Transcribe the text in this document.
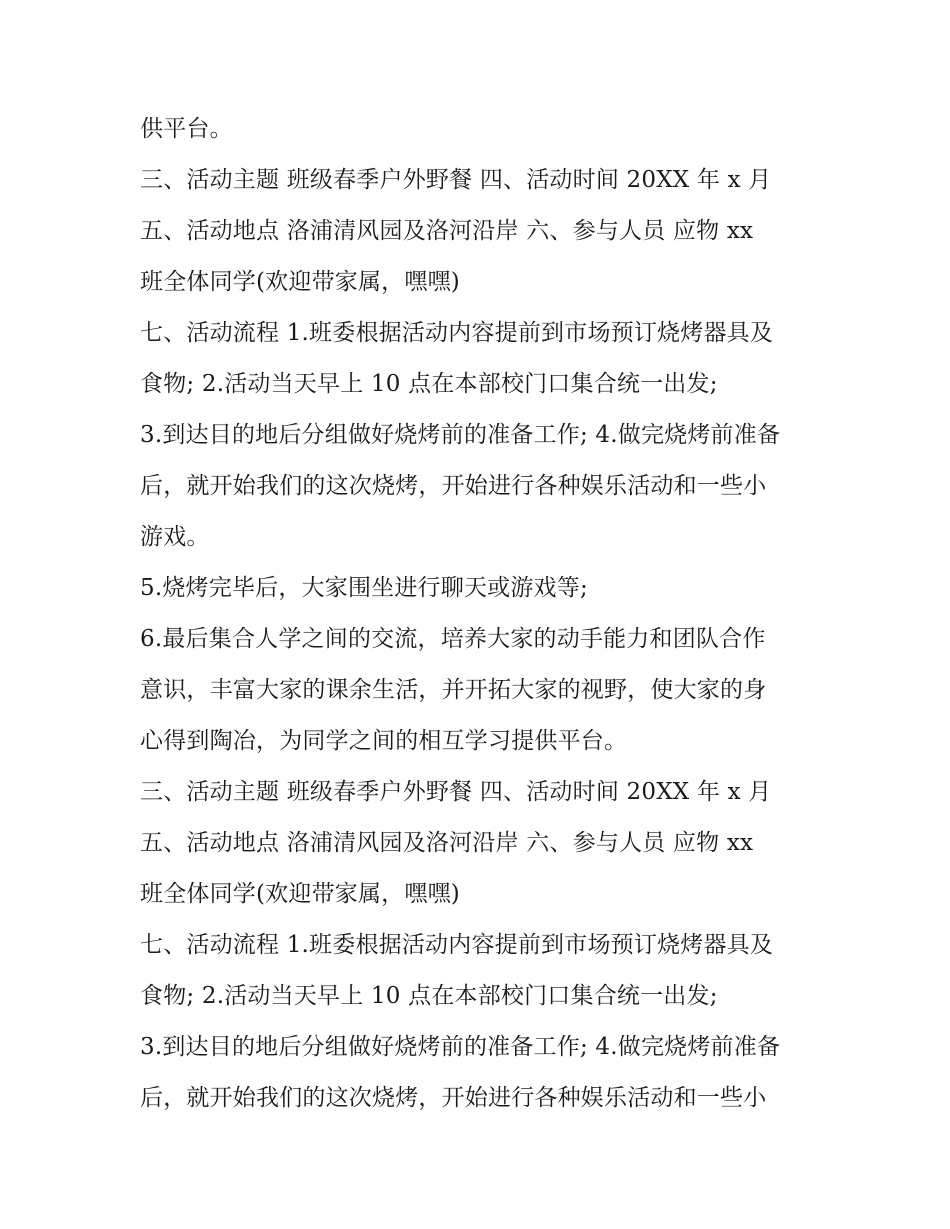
供平台。
三、活动主题 班级春季户外野餐 四、活动时间 20XX 年 x 月
五、活动地点 洛浦清风园及洛河沿岸 六、参与人员 应物 xx
班全体同学(欢迎带家属，嘿嘿)
七、活动流程 1.班委根据活动内容提前到市场预订烧烤器具及
食物; 2.活动当天早上 10 点在本部校门口集合统一出发;
3.到达目的地后分组做好烧烤前的准备工作; 4.做完烧烤前准备
后，就开始我们的这次烧烤，开始进行各种娱乐活动和一些小
游戏。
5.烧烤完毕后，大家围坐进行聊天或游戏等;
6.最后集合人学之间的交流，培养大家的动手能力和团队合作
意识，丰富大家的课余生活，并开拓大家的视野，使大家的身
心得到陶冶，为同学之间的相互学习提供平台。
三、活动主题 班级春季户外野餐 四、活动时间 20XX 年 x 月
五、活动地点 洛浦清风园及洛河沿岸 六、参与人员 应物 xx
班全体同学(欢迎带家属，嘿嘿)
七、活动流程 1.班委根据活动内容提前到市场预订烧烤器具及
食物; 2.活动当天早上 10 点在本部校门口集合统一出发;
3.到达目的地后分组做好烧烤前的准备工作; 4.做完烧烤前准备
后，就开始我们的这次烧烤，开始进行各种娱乐活动和一些小
